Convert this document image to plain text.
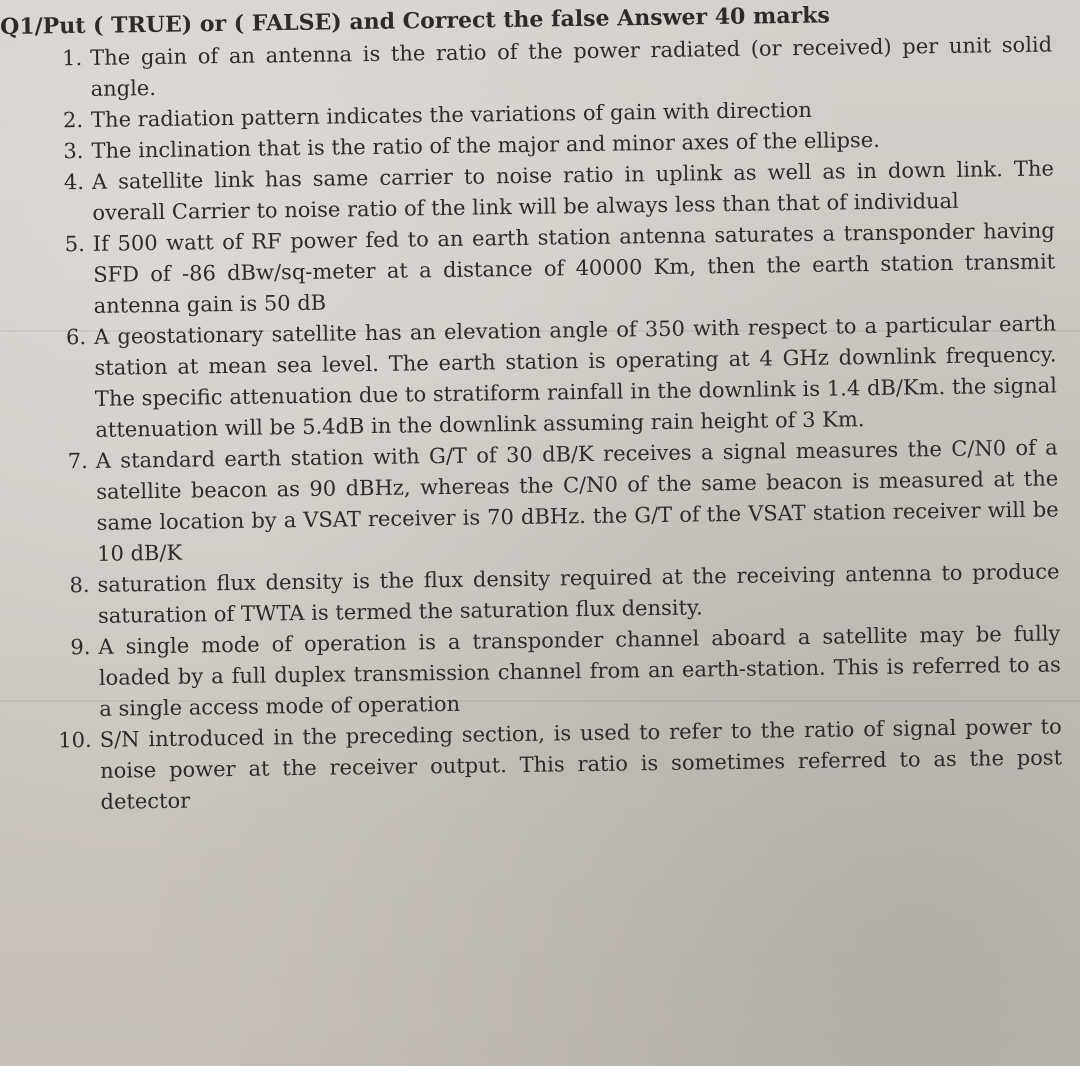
Q1/Put ( TRUE) or ( FALSE) and Correct the false Answer 40 marks
1. The gain of an antenna is the ratio of the power radiated (or received) per unit solid angle.
2. The radiation pattern indicates the variations of gain with direction
3. The inclination that is the ratio of the major and minor axes of the ellipse.
4. A satellite link has same carrier to noise ratio in uplink as well as in down link. The overall Carrier to noise ratio of the link will be always less than that of individual
5. If 500 watt of RF power fed to an earth station antenna saturates a transponder having SFD of -86 dBw/sq-meter at a distance of 40000 Km, then the earth station transmit antenna gain is 50 dB
6. A geostationary satellite has an elevation angle of 350 with respect to a particular earth station at mean sea level. The earth station is operating at 4 GHz downlink frequency. The specific attenuation due to stratiform rainfall in the downlink is 1.4 dB/Km. the signal attenuation will be 5.4dB in the downlink assuming rain height of 3 Km.
7. A standard earth station with G/T of 30 dB/K receives a signal measures the C/N0 of a satellite beacon as 90 dBHz, whereas the C/N0 of the same beacon is measured at the same location by a VSAT receiver is 70 dBHz. the G/T of the VSAT station receiver will be 10 dB/K
8. saturation flux density is the flux density required at the receiving antenna to produce saturation of TWTA is termed the saturation flux density.
9. A single mode of operation is a transponder channel aboard a satellite may be fully loaded by a full duplex transmission channel from an earth-station. This is referred to as a single access mode of operation
10. S/N introduced in the preceding section, is used to refer to the ratio of signal power to noise power at the receiver output. This ratio is sometimes referred to as the post detector
